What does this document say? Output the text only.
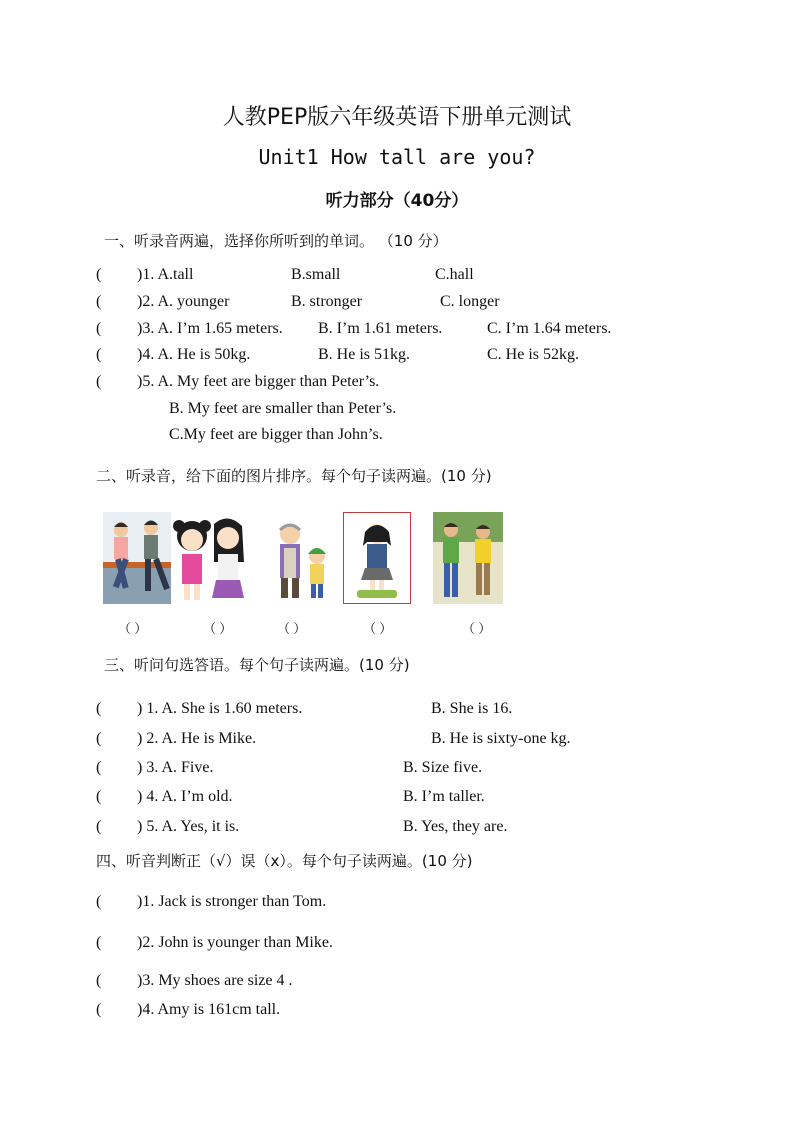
人教PEP版六年级英语下册单元测试
Unit1 How tall are you?
听力部分（40分）
一、听录音两遍，选择你所听到的单词。 （10 分）
( )1. A.tall	B.small	C.hall
( )2. A. younger	B. stronger	C. longer
( )3. A. I’m 1.65 meters. B. I’m 1.61 meters.	C. I’m 1.64 meters.
( )4. A. He is 50kg.	B. He is 51kg.	C. He is 52kg.
( )5. A. My feet are bigger than Peter’s.
B. My feet are smaller than Peter’s.
C.My feet are bigger than John’s.
二、听录音，给下面的图片排序。每个句子读两遍。(10 分)
（ ）	（ ）	（ ）	（ ）	（ ）
三、听问句选答语。每个句子读两遍。(10 分)
( ) 1. A. She is 1.60 meters.	B. She is 16.
( ) 2. A. He is Mike.	B. He is sixty-one kg.
( ) 3. A. Five.	B. Size five.
( ) 4. A. I’m old.	B. I’m taller.
( ) 5. A. Yes, it is.	B. Yes, they are.
四、听音判断正（√）误（x）。每个句子读两遍。(10 分)
( )1. Jack is stronger than Tom.
( )2. John is younger than Mike.
( )3. My shoes are size 4 .
( )4. Amy is 161cm tall.
